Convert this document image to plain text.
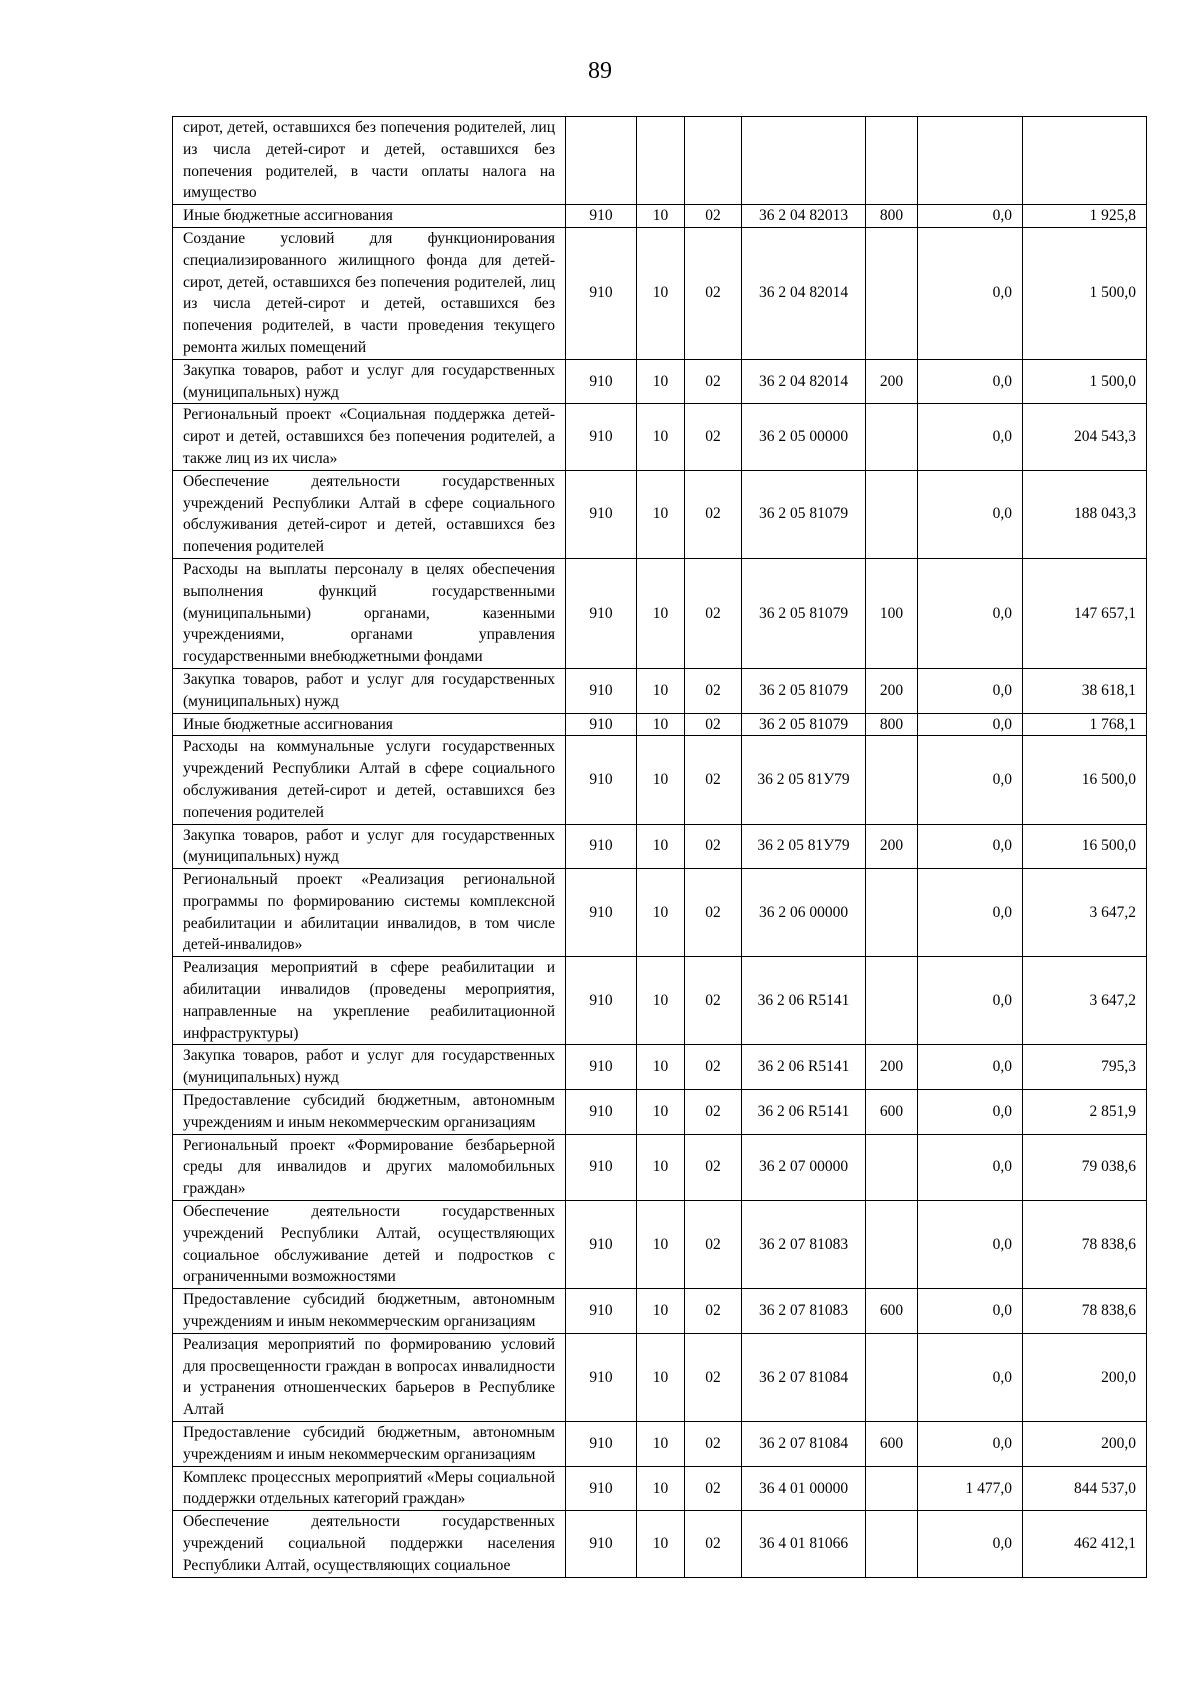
89
сирот, детей, оставшихся без попечения родителей, лиц из числа детей-сирот и детей, оставшихся без попечения родителей, в части оплаты налога на имущество							
Иные бюджетные ассигнования	910	10	02	36 2 04 82013	800	0,0	1 925,8
Создание условий для функционирования специализированного жилищного фонда для детей-сирот, детей, оставшихся без попечения родителей, лиц из числа детей-сирот и детей, оставшихся без попечения родителей, в части проведения текущего ремонта жилых помещений	910	10	02	36 2 04 82014		0,0	1 500,0
Закупка товаров, работ и услуг для государственных (муниципальных) нужд	910	10	02	36 2 04 82014	200	0,0	1 500,0
Региональный проект «Социальная поддержка детей-сирот и детей, оставшихся без попечения родителей, а также лиц из их числа»	910	10	02	36 2 05 00000		0,0	204 543,3
Обеспечение деятельности государственных учреждений Республики Алтай в сфере социального обслуживания детей-сирот и детей, оставшихся без попечения родителей	910	10	02	36 2 05 81079		0,0	188 043,3
Расходы на выплаты персоналу в целях обеспечения выполнения функций государственными (муниципальными) органами, казенными учреждениями, органами управления государственными внебюджетными фондами	910	10	02	36 2 05 81079	100	0,0	147 657,1
Закупка товаров, работ и услуг для государственных (муниципальных) нужд	910	10	02	36 2 05 81079	200	0,0	38 618,1
Иные бюджетные ассигнования	910	10	02	36 2 05 81079	800	0,0	1 768,1
Расходы на коммунальные услуги государственных учреждений Республики Алтай в сфере социального обслуживания детей-сирот и детей, оставшихся без попечения родителей	910	10	02	36 2 05 81У79		0,0	16 500,0
Закупка товаров, работ и услуг для государственных (муниципальных) нужд	910	10	02	36 2 05 81У79	200	0,0	16 500,0
Региональный проект «Реализация региональной программы по формированию системы комплексной реабилитации и абилитации инвалидов, в том числе детей-инвалидов»	910	10	02	36 2 06 00000		0,0	3 647,2
Реализация мероприятий в сфере реабилитации и абилитации инвалидов (проведены мероприятия, направленные на укрепление реабилитационной инфраструктуры)	910	10	02	36 2 06 R5141		0,0	3 647,2
Закупка товаров, работ и услуг для государственных (муниципальных) нужд	910	10	02	36 2 06 R5141	200	0,0	795,3
Предоставление субсидий бюджетным, автономным учреждениям и иным некоммерческим организациям	910	10	02	36 2 06 R5141	600	0,0	2 851,9
Региональный проект «Формирование безбарьерной среды для инвалидов и других маломобильных граждан»	910	10	02	36 2 07 00000		0,0	79 038,6
Обеспечение деятельности государственных учреждений Республики Алтай, осуществляющих социальное обслуживание детей и подростков с ограниченными возможностями	910	10	02	36 2 07 81083		0,0	78 838,6
Предоставление субсидий бюджетным, автономным учреждениям и иным некоммерческим организациям	910	10	02	36 2 07 81083	600	0,0	78 838,6
Реализация мероприятий по формированию условий для просвещенности граждан в вопросах инвалидности и устранения отношенческих барьеров в Республике Алтай	910	10	02	36 2 07 81084		0,0	200,0
Предоставление субсидий бюджетным, автономным учреждениям и иным некоммерческим организациям	910	10	02	36 2 07 81084	600	0,0	200,0
Комплекс процессных мероприятий «Меры социальной поддержки отдельных категорий граждан»	910	10	02	36 4 01 00000		1 477,0	844 537,0
Обеспечение деятельности государственных учреждений социальной поддержки населения Республики Алтай, осуществляющих социальное	910	10	02	36 4 01 81066		0,0	462 412,1
